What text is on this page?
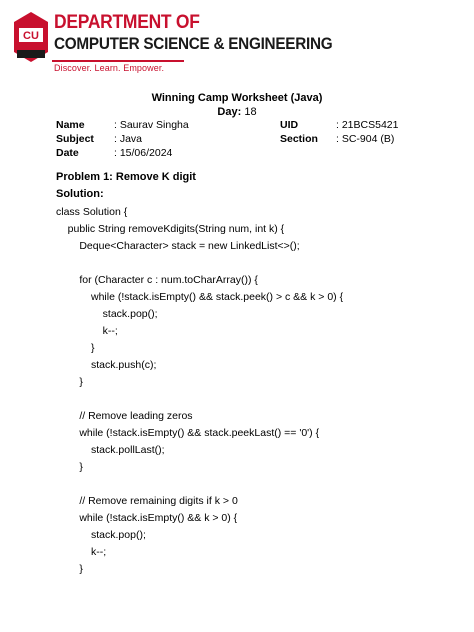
CU
DEPARTMENT OF
COMPUTER SCIENCE & ENGINEERING
Discover. Learn. Empower.
Winning Camp Worksheet (Java)
Day: 18
Name	: Saurav Singha	UID	: 21BCS5421
Subject : Java	Section : SC-904 (B)
Date	: 15/06/2024
Problem 1: Remove K digit
Solution:
class Solution {
public String removeKdigits(String num, int k) {
Deque<Character> stack = new LinkedList<>();
for (Character c : num.toCharArray()) {
while (!stack.isEmpty() && stack.peek() > c && k > 0) {
stack.pop();
k--;
}
stack.push(c);
}
// Remove leading zeros
while (!stack.isEmpty() && stack.peekLast() == '0') {
stack.pollLast();
}
// Remove remaining digits if k > 0
while (!stack.isEmpty() && k > 0) {
stack.pop();
k--;
}
